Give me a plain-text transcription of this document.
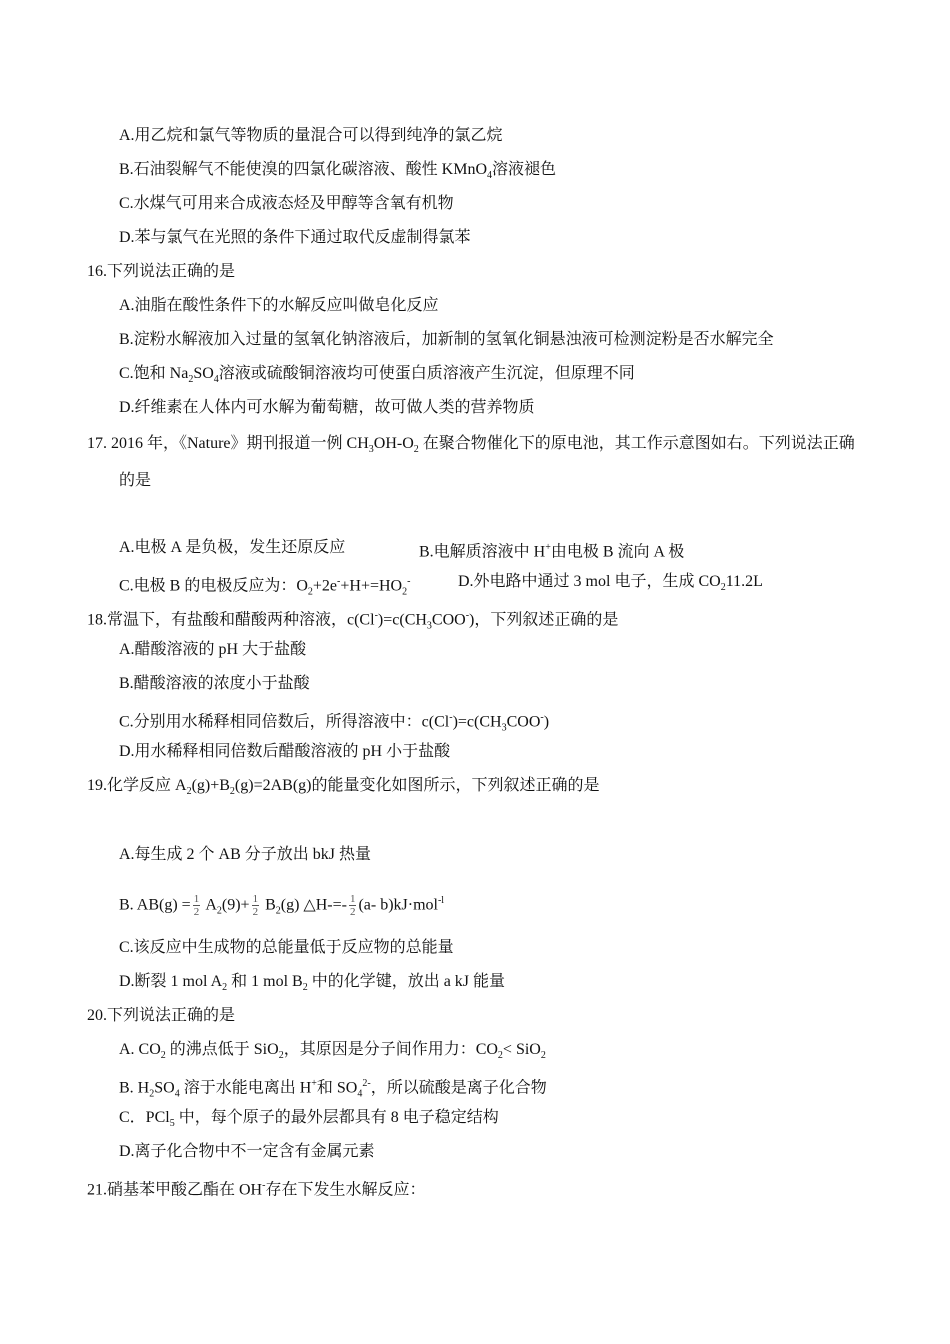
A.用乙烷和氯气等物质的量混合可以得到纯净的氯乙烷
B.石油裂解气不能使溴的四氯化碳溶液、酸性 KMnO$_4$溶液褪色
C.水煤气可用来合成液态烃及甲醇等含氧有机物
D.苯与氯气在光照的条件下通过取代反虚制得氯苯
16.下列说法正确的是
A.油脂在酸性条件下的水解反应叫做皂化反应
B.淀粉水解液加入过量的氢氧化钠溶液后，加新制的氢氧化铜悬浊液可检测淀粉是否水解完全
C.饱和 $Na_2SO_4$溶液或硫酸铜溶液均可使蛋白质溶液产生沉淀，但原理不同
D.纤维素在人体内可水解为葡萄糖，故可做人类的营养物质
17. 2016 年，《Nature》期刊报道一例 $CH_3OH-O_2$ 在聚合物催化下的原电池，其工作示意图如右。下列说法正确
的是
A.电极 A 是负极，发生还原反应	B.电解质溶液中 H+由电极 B 流向 A 极
C.电极 B 的电极反应为：$O_2+2e^-+H+=HO_2^-$	D.外电路中通过 3 mol 电子，生成 $CO_211.2L$
18.常温下，有盐酸和醋酸两种溶液，$c(Cl^-)=c(CH_3COO^-)$，下列叙述正确的是
A.醋酸溶液的 pH 大于盐酸
B.醋酸溶液的浓度小于盐酸
C.分别用水稀释相同倍数后，所得溶液中：$c(Cl^-)=c(CH_3COO^-)$
D.用水稀释相同倍数后醋酸溶液的 pH 小于盐酸
19.化学反应 $A_2(g)+B_2(g)=2AB(g)$的能量变化如图所示，下列叙述正确的是
A.每生成 2 个 AB 分子放出 bkJ 热量
B. $AB(g) = \frac{1}{2} A_2(9)+ \frac{1}{2} B_2(g)$ △H-=- $\frac{1}{2} (a-$ b)kJ·mol$^{-l}$
C.该反应中生成物的总能量低于反应物的总能量
D.断裂 1 mol $A_2$ 和 1 mol $B_2$ 中的化学键，放出 a kJ 能量
20.下列说法正确的是
A. $CO_2$ 的沸点低于 SiO$_2$，其原因是分子间作用力：$CO_2< SiO_2$
B. $H_2SO_4$ 溶于水能电离出 H+和 $SO_4^{2-}$，所以硫酸是离子化合物
C．PCl$_5$ 中，每个原子的最外层都具有 8 电子稳定结构
D.离子化合物中不一定含有金属元素
21.硝基苯甲酸乙酯在 OH-存在下发生水解反应：
